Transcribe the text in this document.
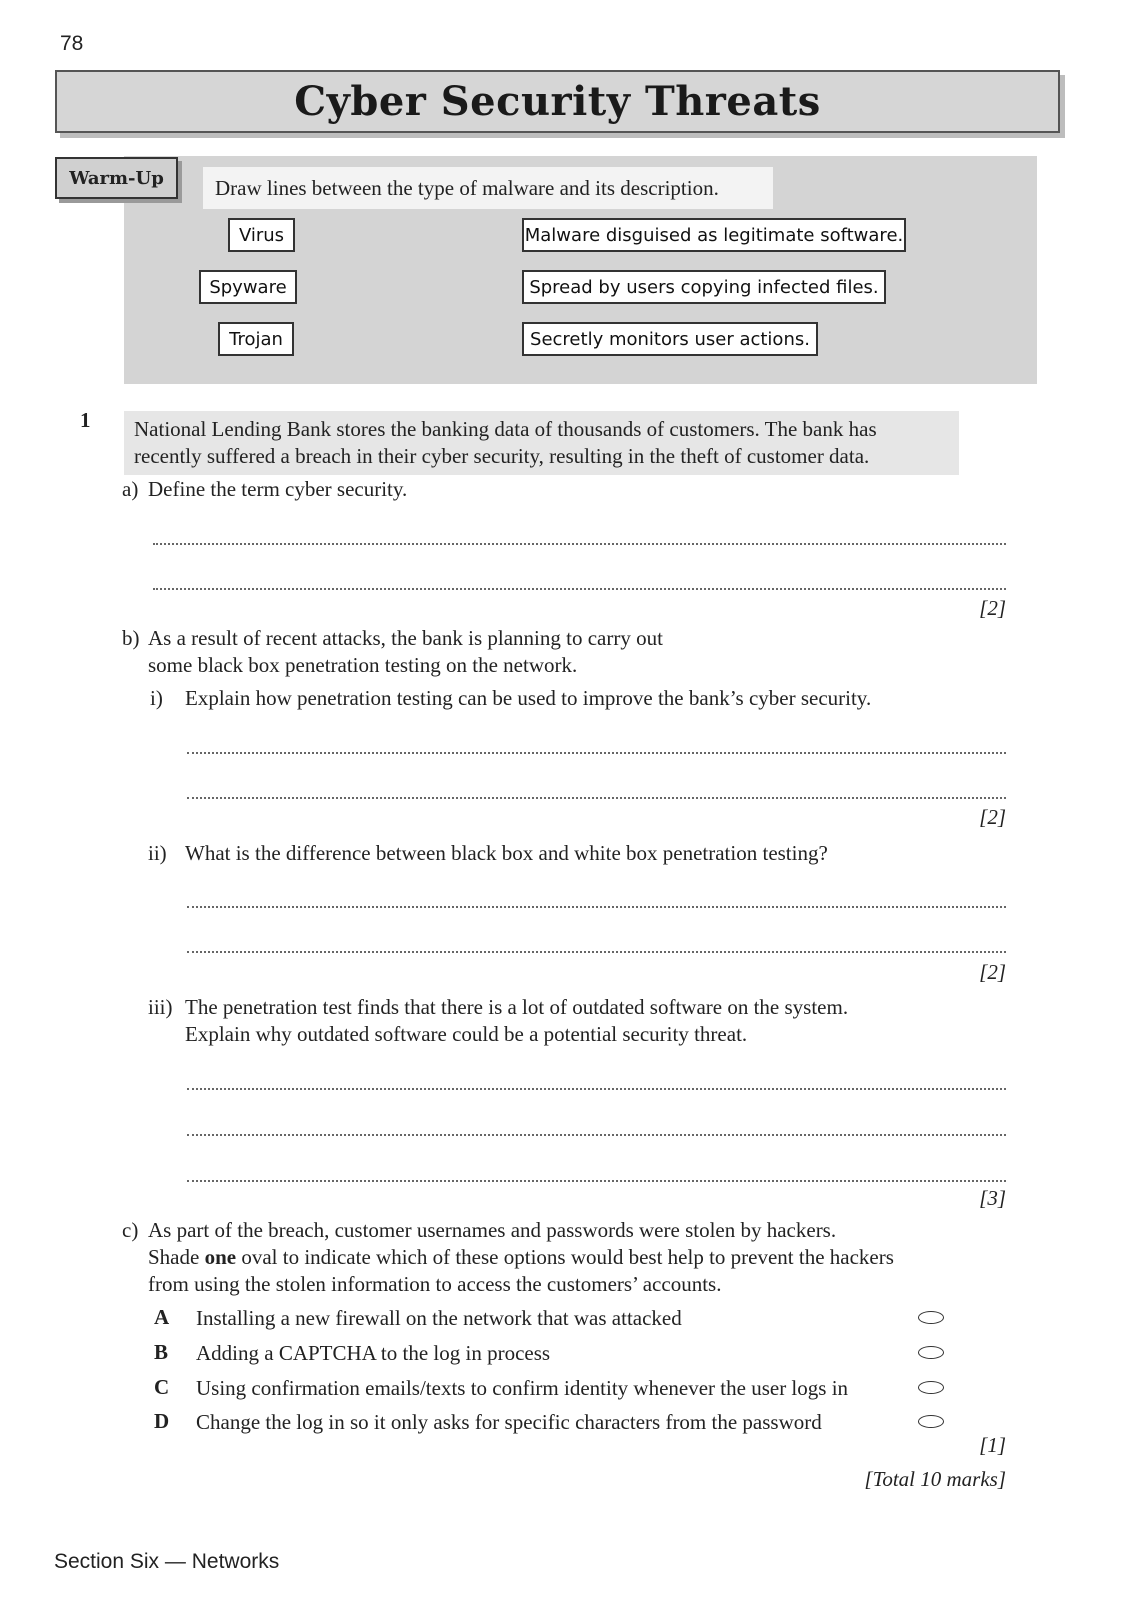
78
Cyber Security Threats
Warm-Up	Draw lines between the type of malware and its description.
Virus
Spyware
Trojan
Malware disguised as legitimate software.
Spread by users copying infected files.
Secretly monitors user actions.
1 National Lending Bank stores the banking data of thousands of customers. The bank has
recently suffered a breach in their cyber security, resulting in the theft of customer data.
a) Define the term cyber security.
[2]
b) As a result of recent attacks, the bank is planning to carry out
some black box penetration testing on the network.
i) Explain how penetration testing can be used to improve the bank’s cyber security.
[2]
ii) What is the difference between black box and white box penetration testing?
[2]
iii) The penetration test finds that there is a lot of outdated software on the system.
Explain why outdated software could be a potential security threat.
[3]
c) As part of the breach, customer usernames and passwords were stolen by hackers.
Shade one oval to indicate which of these options would best help to prevent the hackers
from using the stolen information to access the customers’ accounts.
A Installing a new firewall on the network that was attacked
B Adding a CAPTCHA to the log in process
C Using confirmation emails/texts to confirm identity whenever the user logs in
D Change the log in so it only asks for specific characters from the password
[1]
[Total 10 marks]
Section Six — Networks
